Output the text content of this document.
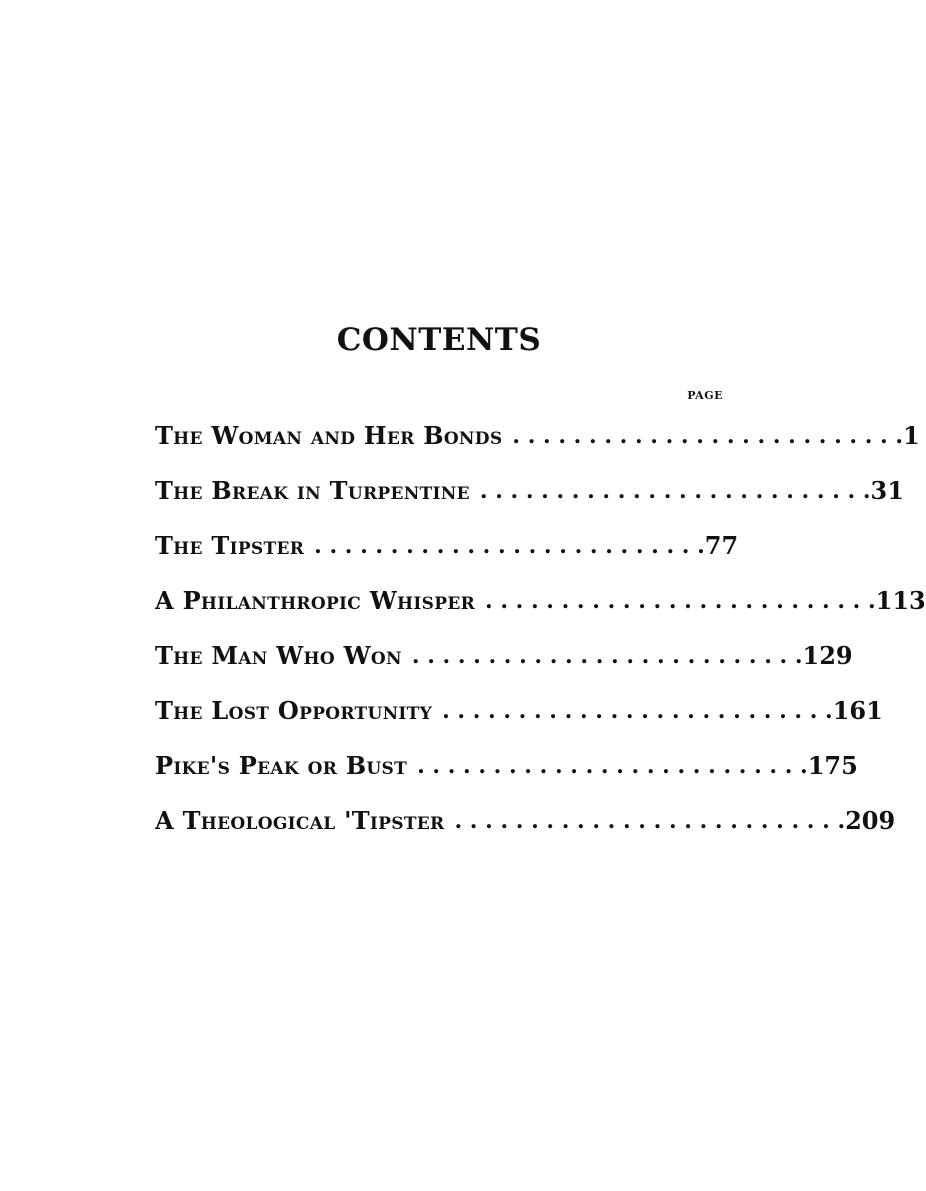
CONTENTS
PAGE
The Woman and Her Bonds . . . . . . . . . . . . . . . . . . . . . . . . . . 1
The Break in Turpentine . . . . . . . . . . . . . . . . . . . . . . . . . . 31
The Tipster . . . . . . . . . . . . . . . . . . . . . . . . . . 77
A Philanthropic Whisper . . . . . . . . . . . . . . . . . . . . . . . . . . 113
The Man Who Won . . . . . . . . . . . . . . . . . . . . . . . . . . 129
The Lost Opportunity . . . . . . . . . . . . . . . . . . . . . . . . . . 161
Pike's Peak or Bust . . . . . . . . . . . . . . . . . . . . . . . . . . 175
A Theological 'Tipster . . . . . . . . . . . . . . . . . . . . . . . . . . 209
